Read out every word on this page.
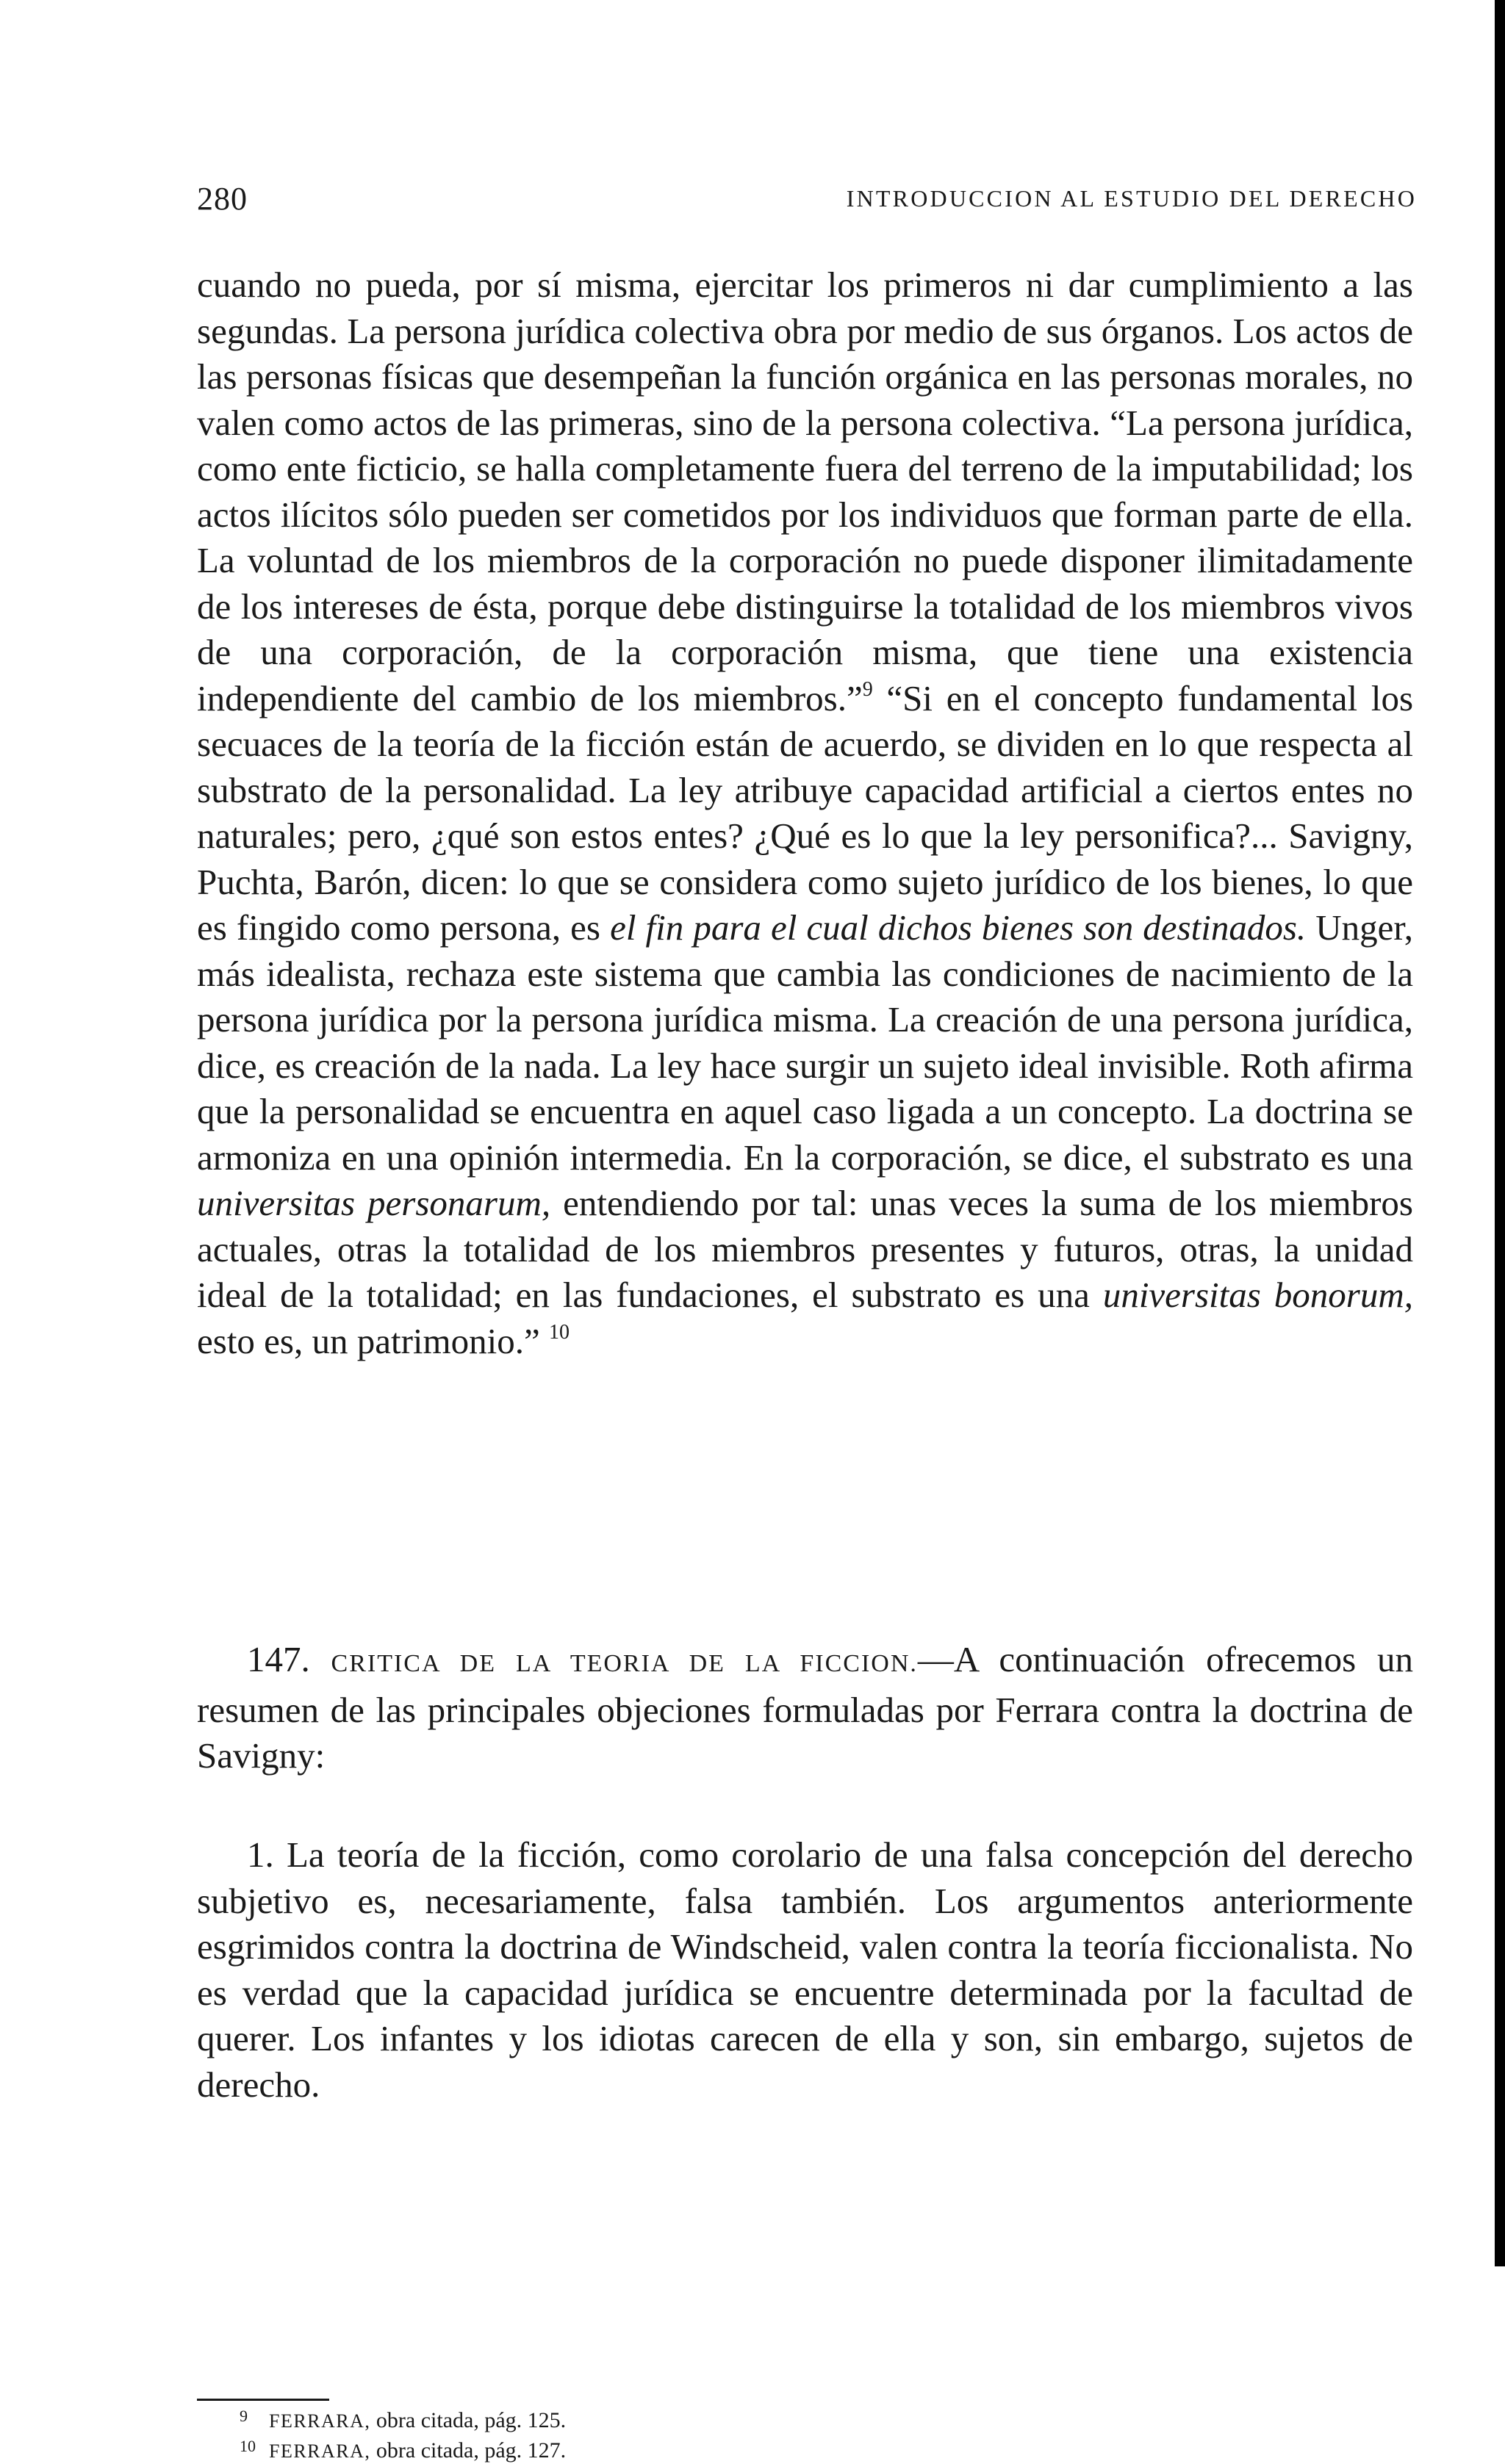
280	INTRODUCCION AL ESTUDIO DEL DERECHO

cuando no pueda, por sí misma, ejercitar los primeros ni dar cumplimiento a las segundas. La persona jurídica colectiva obra por medio de sus órganos. Los actos de las personas físicas que desempeñan la función orgánica en las personas morales, no valen como actos de las primeras, sino de la persona colectiva. “La persona jurídica, como ente ficticio, se halla completamente fuera del terreno de la imputabilidad; los actos ilícitos sólo pueden ser cometidos por los individuos que forman parte de ella. La voluntad de los miembros de la corporación no puede disponer ilimitadamente de los intereses de ésta, porque debe distinguirse la totalidad de los miembros vivos de una corporación, de la corporación misma, que tiene una existencia independiente del cambio de los miembros.”$^9$ “Si en el concepto fundamental los secuaces de la teoría de la ficción están de acuerdo, se dividen en lo que respecta al substrato de la personalidad. La ley atribuye capacidad artificial a ciertos entes no naturales; pero, ¿qué son estos entes? ¿Qué es lo que la ley personifica?... Savigny, Puchta, Barón, dicen: lo que se considera como sujeto jurídico de los bienes, lo que es fingido como persona, es el fin para el cual dichos bienes son destinados. Unger, más idealista, rechaza este sistema que cambia las condiciones de nacimiento de la persona jurídica por la persona jurídica misma. La creación de una persona jurídica, dice, es creación de la nada. La ley hace surgir un sujeto ideal invisible. Roth afirma que la personalidad se encuentra en aquel caso ligada a un concepto. La doctrina se armoniza en una opinión intermedia. En la corporación, se dice, el substrato es una universitas personarum, entendiendo por tal: unas veces la suma de los miembros actuales, otras la totalidad de los miembros presentes y futuros, otras, la unidad ideal de la totalidad; en las fundaciones, el substrato es una universitas bonorum, esto es, un patrimonio.” $^{10}$

147. CRITICA DE LA TEORIA DE LA FICCION.—A continuación ofrecemos un resumen de las principales objeciones formuladas por Ferrara contra la doctrina de Savigny:

1. La teoría de la ficción, como corolario de una falsa concepción del derecho subjetivo es, necesariamente, falsa también. Los argumentos anteriormente esgrimidos contra la doctrina de Windscheid, valen contra la teoría ficcionalista. No es verdad que la capacidad jurídica se encuentre determinada por la facultad de querer. Los infantes y los idiotas carecen de ella y son, sin embargo, sujetos de derecho.

9 FERRARA, obra citada, pág. 125.
10 FERRARA, obra citada, pág. 127.
